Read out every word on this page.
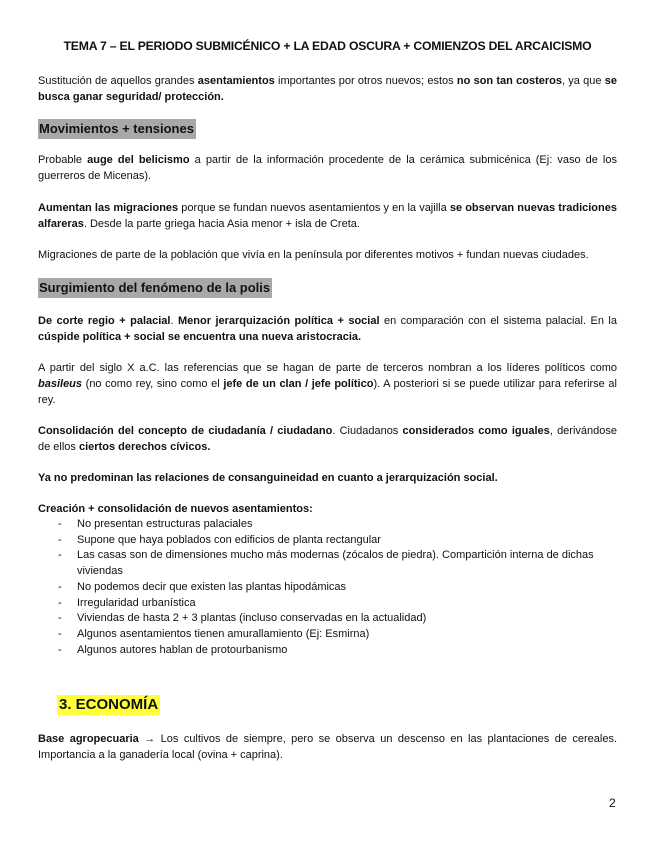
TEMA 7 – EL PERIODO SUBMICÉNICO + LA EDAD OSCURA + COMIENZOS DEL ARCAICISMO

Sustitución de aquellos grandes asentamientos importantes por otros nuevos; estos no son tan costeros, ya que se busca ganar seguridad/ protección.

Movimientos + tensiones

Probable auge del belicismo a partir de la información procedente de la cerámica submicénica (Ej: vaso de los guerreros de Micenas).

Aumentan las migraciones porque se fundan nuevos asentamientos y en la vajilla se observan nuevas tradiciones alfareras. Desde la parte griega hacia Asia menor + isla de Creta.

Migraciones de parte de la población que vivía en la península por diferentes motivos + fundan nuevas ciudades.

Surgimiento del fenómeno de la polis

De corte regio + palacial. Menor jerarquización política + social en comparación con el sistema palacial. En la cúspide política + social se encuentra una nueva aristocracia.

A partir del siglo X a.C. las referencias que se hagan de parte de terceros nombran a los líderes políticos como basileus (no como rey, sino como el jefe de un clan / jefe político). A posteriori si se puede utilizar para referirse al rey.

Consolidación del concepto de ciudadanía / ciudadano. Ciudadanos considerados como iguales, derivándose de ellos ciertos derechos cívicos.

Ya no predominan las relaciones de consanguineidad en cuanto a jerarquización social.

Creación + consolidación de nuevos asentamientos:

- No presentan estructuras palaciales
- Supone que haya poblados con edificios de planta rectangular
- Las casas son de dimensiones mucho más modernas (zócalos de piedra). Compartición interna de dichas viviendas
- No podemos decir que existen las plantas hipodámicas
- Irregularidad urbanística
- Viviendas de hasta 2 + 3 plantas (incluso conservadas en la actualidad)
- Algunos asentamientos tienen amurallamiento (Ej: Esmirna)
- Algunos autores hablan de protourbanismo
3. ECONOMÍA

Base agropecuaria → Los cultivos de siempre, pero se observa un descenso en las plantaciones de cereales. Importancia a la ganadería local (ovina + caprina).

2
